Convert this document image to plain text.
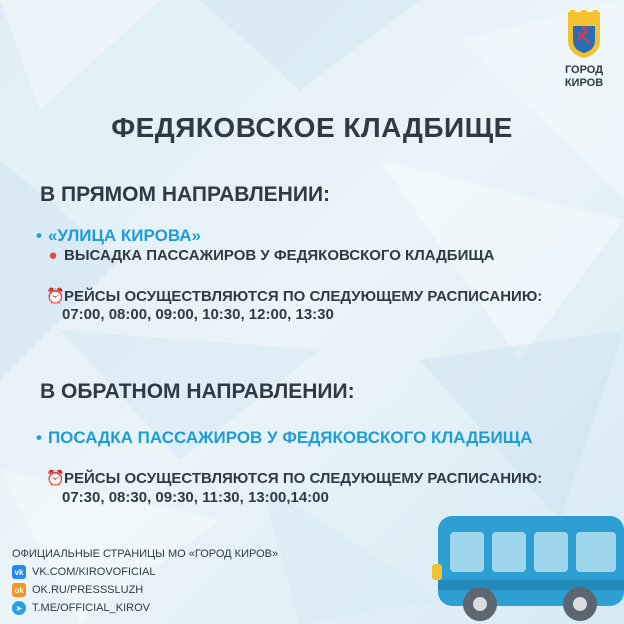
ГОРОД
КИРОВ
ФЕДЯКОВСКОЕ КЛАДБИЩЕ
В ПРЯМОМ НАПРАВЛЕНИИ:
• «УЛИЦА КИРОВА»
● ВЫСАДКА ПАССАЖИРОВ У ФЕДЯКОВСКОГО КЛАДБИЩА
⏰РЕЙСЫ ОСУЩЕСТВЛЯЮТСЯ ПО СЛЕДУЮЩЕМУ РАСПИСАНИЮ:
07:00, 08:00, 09:00, 10:30, 12:00, 13:30
В ОБРАТНОМ НАПРАВЛЕНИИ:
• ПОСАДКА ПАССАЖИРОВ У ФЕДЯКОВСКОГО КЛАДБИЩА
⏰РЕЙСЫ ОСУЩЕСТВЛЯЮТСЯ ПО СЛЕДУЮЩЕМУ РАСПИСАНИЮ:
07:30, 08:30, 09:30, 11:30, 13:00,14:00
ОФИЦИАЛЬНЫЕ СТРАНИЦЫ МО «ГОРОД КИРОВ»
vk VK.COM/KIROVOFICIAL
ok OK.RU/PRESSSLUZH
➤ T.ME/OFFICIAL_KIROV
